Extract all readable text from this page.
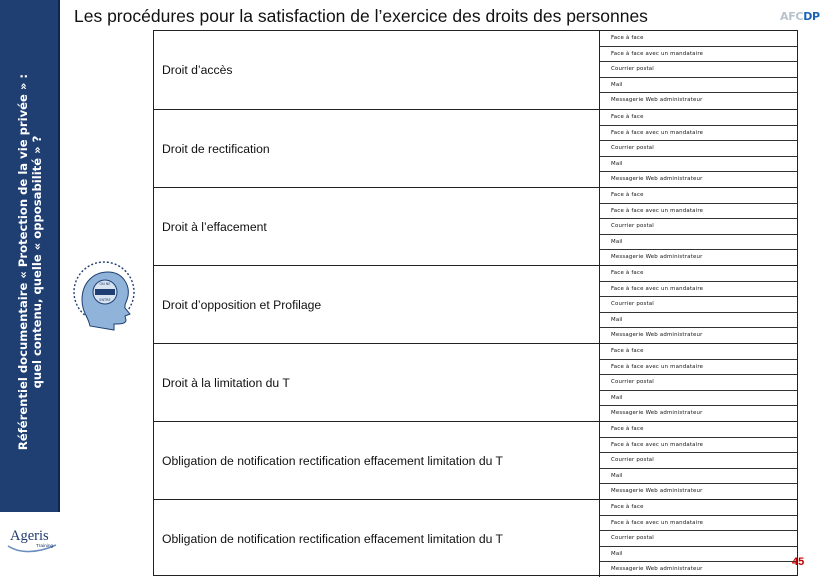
Référentiel documentaire « Protection de la vie privée » : quel contenu, quelle « opposabilité » ?
Les procédures pour la satisfaction de l’exercice des droits des personnes	AFCDP
Droit d’accès
Face à face
Face à face avec un mandataire
Courrier postal
Mail
Messagerie Web administrateur
Droit de rectification
Face à face
Face à face avec un mandataire
Courrier postal
Mail
Messagerie Web administrateur
Droit à l’effacement
Face à face
Face à face avec un mandataire
Courrier postal
Mail
Messagerie Web administrateur
Droit d’opposition et Profilage
Face à face
Face à face avec un mandataire
Courrier postal
Mail
Messagerie Web administrateur
Droit à la limitation du T
Face à face
Face à face avec un mandataire
Courrier postal
Mail
Messagerie Web administrateur
Obligation de notification rectification effacement limitation du T
Face à face
Face à face avec un mandataire
Courrier postal
Mail
Messagerie Web administrateur
Obligation de notification rectification effacement limitation du T
Face à face
Face à face avec un mandataire
Courrier postal
Mail
Messagerie Web administrateur
ON NE
ENTRE
Ageris
Training
45
